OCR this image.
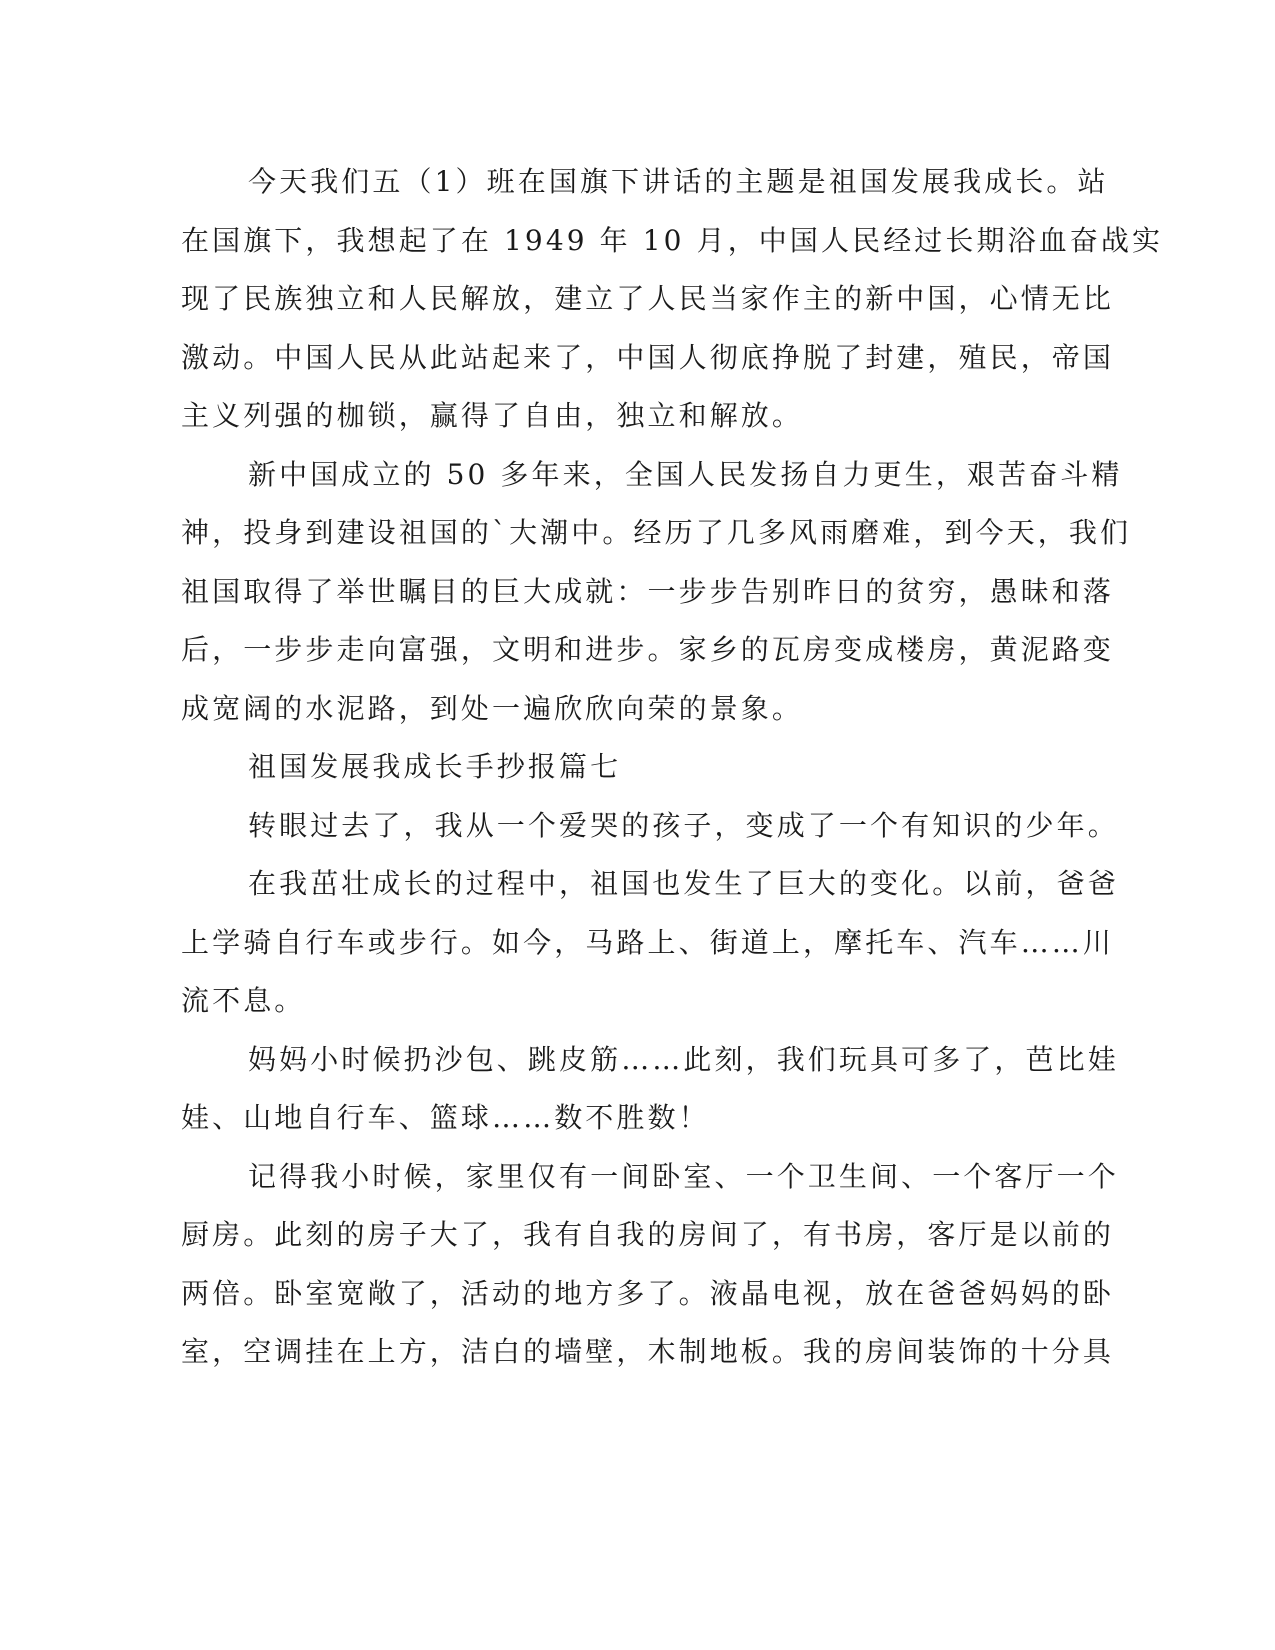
今天我们五（1）班在国旗下讲话的主题是祖国发展我成长。站
在国旗下，我想起了在 1949 年 10 月，中国人民经过长期浴血奋战实
现了民族独立和人民解放，建立了人民当家作主的新中国，心情无比
激动。中国人民从此站起来了，中国人彻底挣脱了封建，殖民，帝国
主义列强的枷锁，赢得了自由，独立和解放。
新中国成立的 50 多年来，全国人民发扬自力更生，艰苦奋斗精
神，投身到建设祖国的`大潮中。经历了几多风雨磨难，到今天，我们
祖国取得了举世瞩目的巨大成就：一步步告别昨日的贫穷，愚昧和落
后，一步步走向富强，文明和进步。家乡的瓦房变成楼房，黄泥路变
成宽阔的水泥路，到处一遍欣欣向荣的景象。
祖国发展我成长手抄报篇七
转眼过去了，我从一个爱哭的孩子，变成了一个有知识的少年。
在我茁壮成长的过程中，祖国也发生了巨大的变化。以前，爸爸
上学骑自行车或步行。如今，马路上、街道上，摩托车、汽车……川
流不息。
妈妈小时候扔沙包、跳皮筋……此刻，我们玩具可多了，芭比娃
娃、山地自行车、篮球……数不胜数！
记得我小时候，家里仅有一间卧室、一个卫生间、一个客厅一个
厨房。此刻的房子大了，我有自我的房间了，有书房，客厅是以前的
两倍。卧室宽敞了，活动的地方多了。液晶电视，放在爸爸妈妈的卧
室，空调挂在上方，洁白的墙壁，木制地板。我的房间装饰的十分具
